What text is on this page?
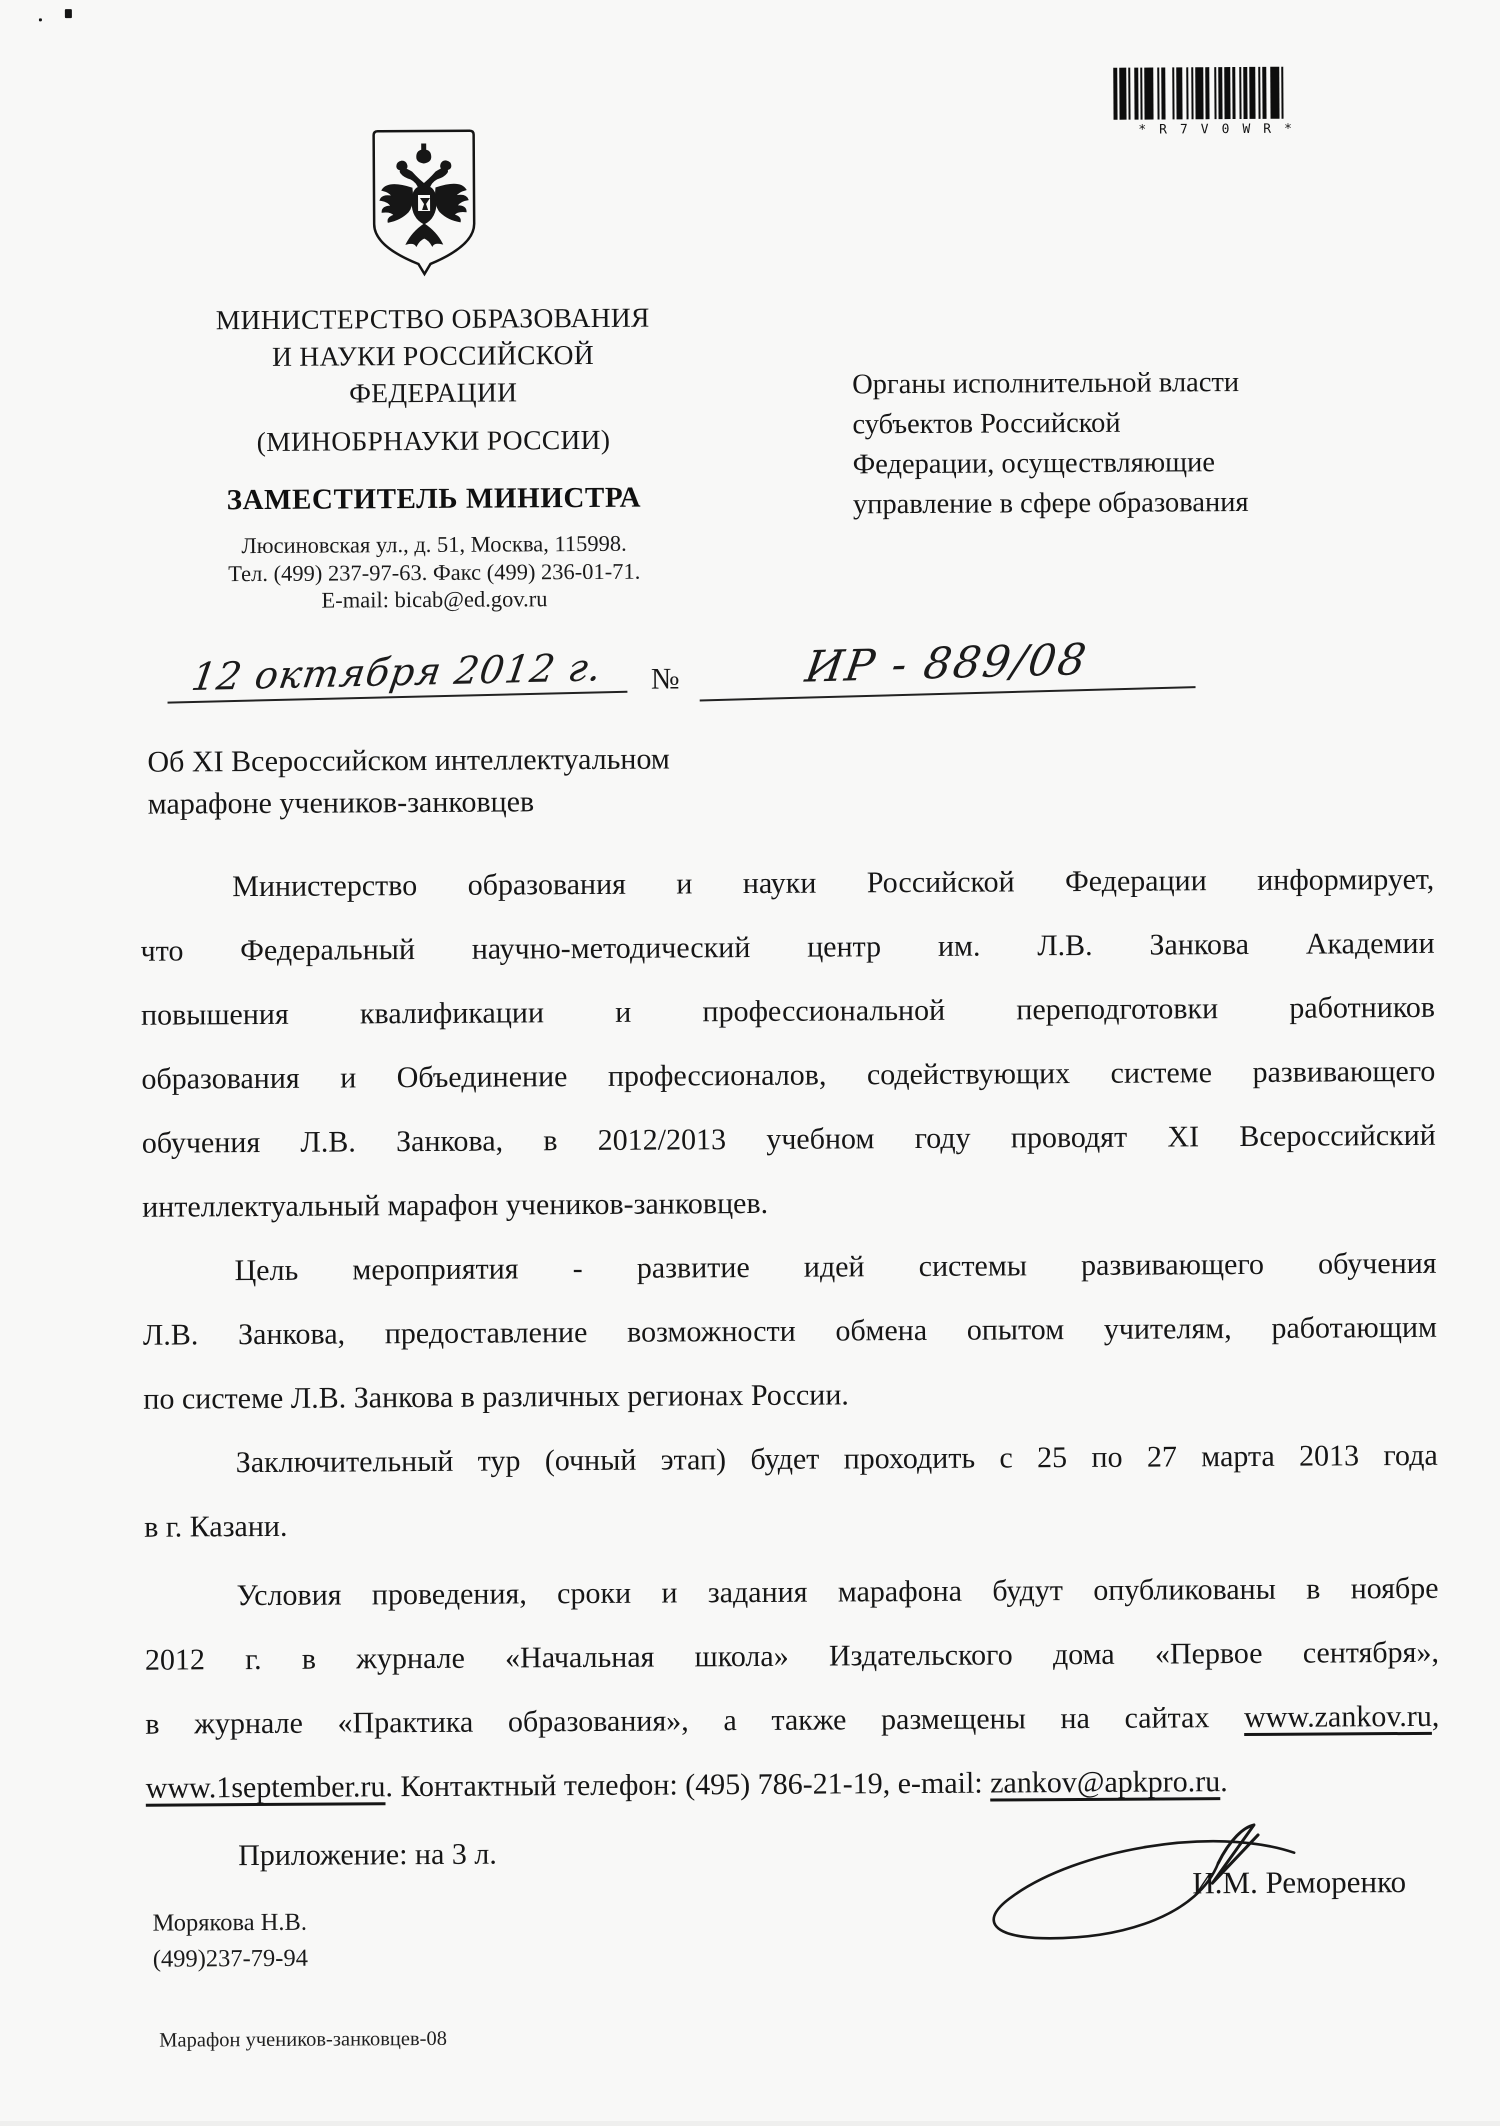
*R7V0WR*
МИНИСТЕРСТВО ОБРАЗОВАНИЯ
И НАУКИ РОССИЙСКОЙ
ФЕДЕРАЦИИ
(МИНОБРНАУКИ РОССИИ)
ЗАМЕСТИТЕЛЬ МИНИСТРА
Люсиновская ул., д. 51, Москва, 115998.
Тел. (499) 237-97-63. Факс (499) 236-01-71.
E-mail: bicab@ed.gov.ru
Органы исполнительной власти
субъектов Российской
Федерации, осуществляющие
управление в сфере образования
12 октября 2012 г.	№	ИР - 889/08
Об XI Всероссийском интеллектуальном
марафоне учеников-занковцев
Министерство образования и науки Российской Федерации информирует,
что Федеральный научно-методический центр им. Л.В. Занкова Академии
повышения квалификации и профессиональной переподготовки работников
образования и Объединение профессионалов, содействующих системе развивающего
обучения Л.В. Занкова, в 2012/2013 учебном году проводят XI Всероссийский
интеллектуальный марафон учеников-занковцев.
Цель мероприятия - развитие идей системы развивающего обучения
Л.В. Занкова, предоставление возможности обмена опытом учителям, работающим
по системе Л.В. Занкова в различных регионах России.
Заключительный тур (очный этап) будет проходить с 25 по 27 марта 2013 года
в г. Казани.
Условия проведения, сроки и задания марафона будут опубликованы в ноябре
2012 г. в журнале «Начальная школа» Издательского дома «Первое сентября»,
в журнале «Практика образования», а также размещены на сайтах www.zankov.ru,
www.1september.ru. Контактный телефон: (495) 786-21-19, e-mail: zankov@apkpro.ru.
Приложение: на 3 л.
И.М. Реморенко
Морякова Н.В.
(499)237-79-94
Марафон учеников-занковцев-08
